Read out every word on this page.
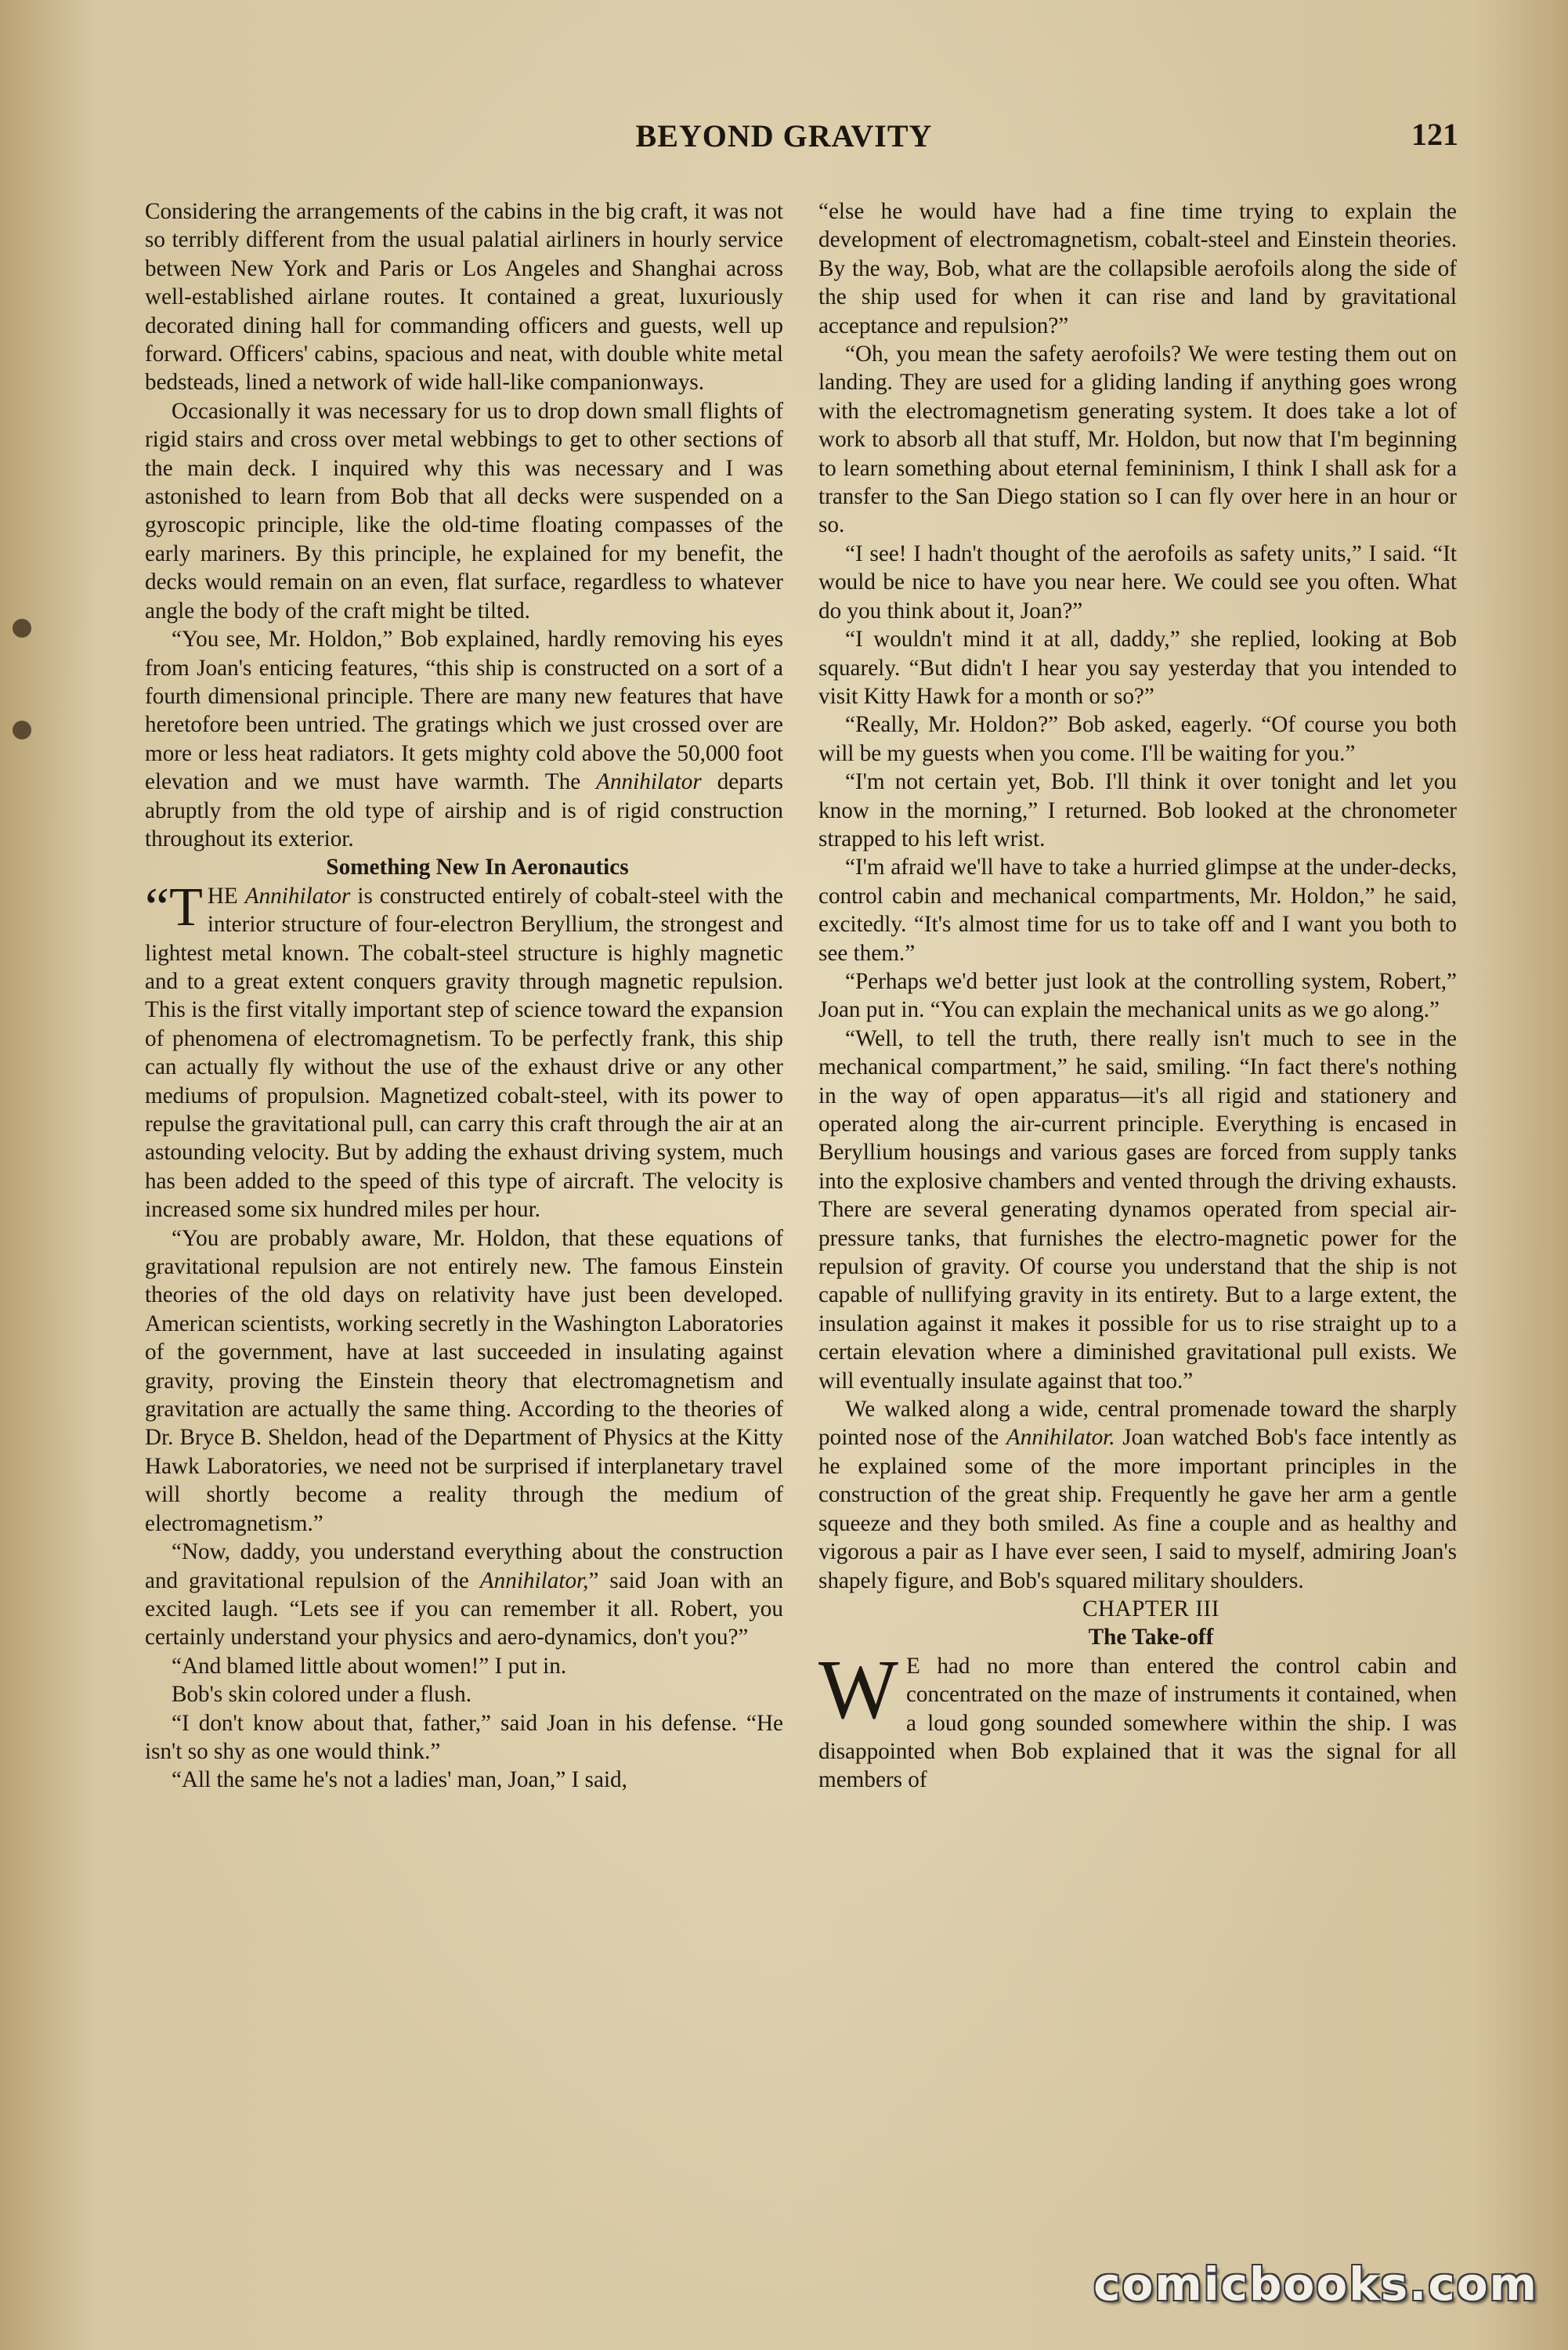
BEYOND GRAVITY	121

Considering the arrangements of the cabins in the big craft, it was not so terribly different from the usual palatial airliners in hourly service between New York and Paris or Los Angeles and Shanghai across well-established airlane routes. It contained a great, luxuriously decorated dining hall for commanding officers and guests, well up forward. Officers' cabins, spacious and neat, with double white metal bedsteads, lined a network of wide hall-like companionways.

Occasionally it was necessary for us to drop down small flights of rigid stairs and cross over metal webbings to get to other sections of the main deck. I inquired why this was necessary and I was astonished to learn from Bob that all decks were suspended on a gyroscopic principle, like the old-time floating compasses of the early mariners. By this principle, he explained for my benefit, the decks would remain on an even, flat surface, regardless to whatever angle the body of the craft might be tilted.

“You see, Mr. Holdon,” Bob explained, hardly removing his eyes from Joan's enticing features, “this ship is constructed on a sort of a fourth dimensional principle. There are many new features that have heretofore been untried. The gratings which we just crossed over are more or less heat radiators. It gets mighty cold above the 50,000 foot elevation and we must have warmth. The Annihilator departs abruptly from the old type of airship and is of rigid construction throughout its exterior.

Something New In Aeronautics

“THE Annihilator is constructed entirely of cobalt-steel with the interior structure of four-electron Beryllium, the strongest and lightest metal known. The cobalt-steel structure is highly magnetic and to a great extent conquers gravity through magnetic repulsion. This is the first vitally important step of science toward the expansion of phenomena of electromagnetism. To be perfectly frank, this ship can actually fly without the use of the exhaust drive or any other mediums of propulsion. Magnetized cobalt-steel, with its power to repulse the gravitational pull, can carry this craft through the air at an astounding velocity. But by adding the exhaust driving system, much has been added to the speed of this type of aircraft. The velocity is increased some six hundred miles per hour.

“You are probably aware, Mr. Holdon, that these equations of gravitational repulsion are not entirely new. The famous Einstein theories of the old days on relativity have just been developed. American scientists, working secretly in the Washington Laboratories of the government, have at last succeeded in insulating against gravity, proving the Einstein theory that electromagnetism and gravitation are actually the same thing. According to the theories of Dr. Bryce B. Sheldon, head of the Department of Physics at the Kitty Hawk Laboratories, we need not be surprised if interplanetary travel will shortly become a reality through the medium of electromagnetism.”

“Now, daddy, you understand everything about the construction and gravitational repulsion of the Annihilator,” said Joan with an excited laugh. “Lets see if you can remember it all. Robert, you certainly understand your physics and aero-dynamics, don't you?”

“And blamed little about women!” I put in.

Bob's skin colored under a flush.

“I don't know about that, father,” said Joan in his defense. “He isn't so shy as one would think.”

“All the same he's not a ladies' man, Joan,” I said,

“else he would have had a fine time trying to explain the development of electromagnetism, cobalt-steel and Einstein theories. By the way, Bob, what are the collapsible aerofoils along the side of the ship used for when it can rise and land by gravitational acceptance and repulsion?”

“Oh, you mean the safety aerofoils? We were testing them out on landing. They are used for a gliding landing if anything goes wrong with the electromagnetism generating system. It does take a lot of work to absorb all that stuff, Mr. Holdon, but now that I'm beginning to learn something about eternal femininism, I think I shall ask for a transfer to the San Diego station so I can fly over here in an hour or so.

“I see! I hadn't thought of the aerofoils as safety units,” I said. “It would be nice to have you near here. We could see you often. What do you think about it, Joan?”

“I wouldn't mind it at all, daddy,” she replied, looking at Bob squarely. “But didn't I hear you say yesterday that you intended to visit Kitty Hawk for a month or so?”

“Really, Mr. Holdon?” Bob asked, eagerly. “Of course you both will be my guests when you come. I'll be waiting for you.”

“I'm not certain yet, Bob. I'll think it over tonight and let you know in the morning,” I returned. Bob looked at the chronometer strapped to his left wrist.

“I'm afraid we'll have to take a hurried glimpse at the under-decks, control cabin and mechanical compartments, Mr. Holdon,” he said, excitedly. “It's almost time for us to take off and I want you both to see them.”

“Perhaps we'd better just look at the controlling system, Robert,” Joan put in. “You can explain the mechanical units as we go along.”

“Well, to tell the truth, there really isn't much to see in the mechanical compartment,” he said, smiling. “In fact there's nothing in the way of open apparatus—it's all rigid and stationery and operated along the air-current principle. Everything is encased in Beryllium housings and various gases are forced from supply tanks into the explosive chambers and vented through the driving exhausts. There are several generating dynamos operated from special air-pressure tanks, that furnishes the electro-magnetic power for the repulsion of gravity. Of course you understand that the ship is not capable of nullifying gravity in its entirety. But to a large extent, the insulation against it makes it possible for us to rise straight up to a certain elevation where a diminished gravitational pull exists. We will eventually insulate against that too.”

We walked along a wide, central promenade toward the sharply pointed nose of the Annihilator. Joan watched Bob's face intently as he explained some of the more important principles in the construction of the great ship. Frequently he gave her arm a gentle squeeze and they both smiled. As fine a couple and as healthy and vigorous a pair as I have ever seen, I said to myself, admiring Joan's shapely figure, and Bob's squared military shoulders.

CHAPTER III

The Take-off

W E had no more than entered the control cabin and concentrated on the maze of instruments it contained, when a loud gong sounded somewhere within the ship. I was disappointed when Bob explained that it was the signal for all members of

comicbooks.com
